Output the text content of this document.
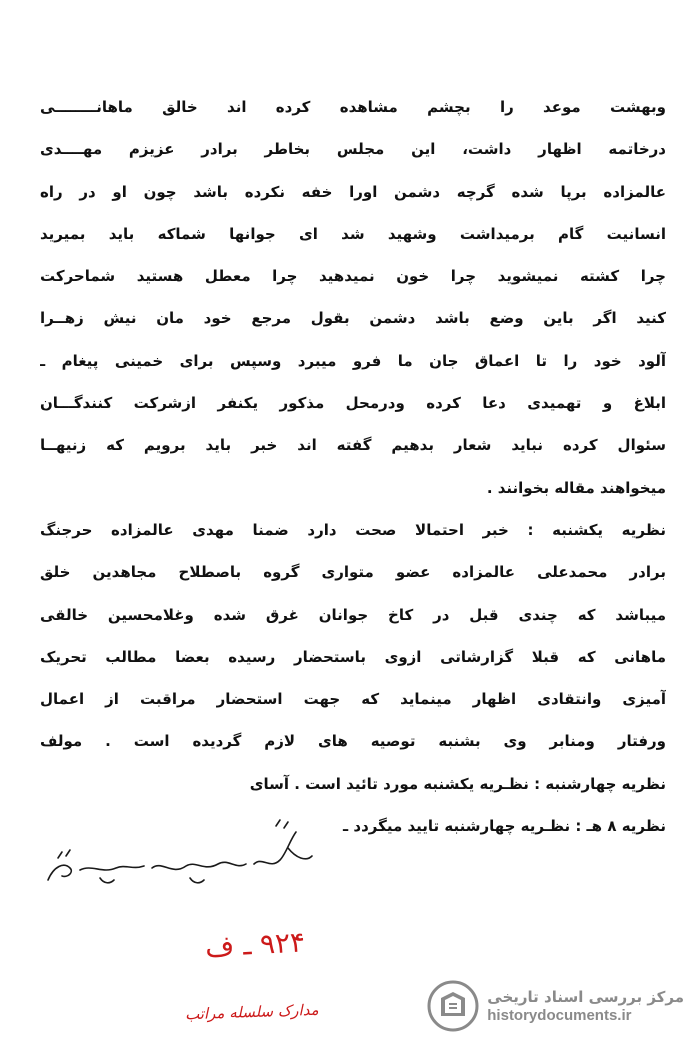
وبهشت موعد را بچشم مشاهده کرده اند خالق ماهانــــــــی
درخاتمه اظهار داشت، این مجلس بخاطر برادر عزیزم مهــــدی
عالمزاده برپا شده گرچه دشمن اورا خفه نکرده باشد چون او در راه
انسانیت گام برمیداشت وشهید شد ای جوانها شماکه باید بمیرید
چرا کشته نمیشوید چرا خون نمیدهید چرا معطل هستید شماحرکت
کنید اگر باین وضع باشد دشمن بقول مرجع خود مان نیش زهــرا
آلود خود را تا اعماق جان ما فرو میبرد وسپس برای خمینی پیغام ـ
ابلاغ و تهمیدی دعا کرده ودرمحل مذکور یکنفر ازشرکت کنندگـــان
سئوال کرده نباید شعار بدهیم گفته اند خبر باید برویم که زنیهــا
میخواهند مقاله بخوانند .
نظریه یکشنبه : خبر احتمالا صحت دارد ضمنا مهدی عالمزاده حرجنگ
برادر محمدعلی عالمزاده عضو متواری گروه باصطلاح مجاهدین خلق
میباشد که چندی قبل در کاخ جوانان غرق شده وغلامحسین خالقی
ماهانی که قبلا گزارشاتی ازوی باستحضار رسیده بعضا مطالب تحریک
آمیزی وانتقادی اظهار مینماید که جهت استحضار مراقبت از اعمال
ورفتار ومنابر وی بشنبه توصیه های لازم گردیده است . مولف
نظریه چهارشنبه : نظـریه یکشنبه مورد تائید است . آسای
نظریه ۸ هـ : نظـریه چهارشنبه تایید میگردد ـ
۹۲۴ ـ ف
مدارک سلسله مراتب
مرکز بررسی اسناد تاریخی
historydocuments.ir
